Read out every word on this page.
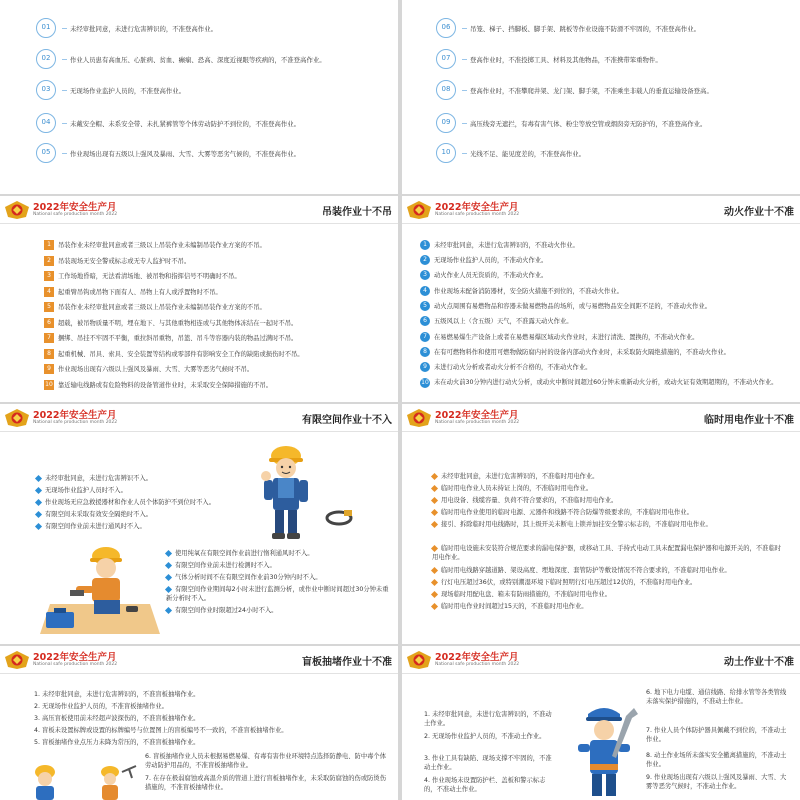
01	未经审批同意，未进行危害辨识的，不准登高作业。
02	作业人员患有高血压、心脏病、贫血、癫痫、恐高、深度近视眼等疾病的，不准登高作业。
03	无现场作业监护人员的，不准登高作业。
04	未戴安全帽、未系安全带、未扎紧裤管等个体劳动防护不到位的，不准登高作业。
05	作业现场出现有五级以上强风及暴雨、大雪、大雾等恶劣气候的，不准登高作业。
06	吊笼、梯子、挡脚板、脚手架、跳板等作业设施不防滑不牢固的，不准登高作业。
07	登高作业时，不准投掷工具、材料及其他物品，不准携带笨重物件。
08	登高作业时，不准攀爬井架、龙门架、脚手架，不准乘坐非载人的垂直运输设备登高。
09	高压线旁无遮拦，有毒有害气体、粉尘等放空管或烟囱旁无防护的，不准登高作业。
10	光线不足、能见度差的，不准登高作业。
2022年安全生产月
National safe production month 2022	吊装作业十不吊
1 吊装作业未经审批同意或者三级以上吊装作业未编制吊装作业方案的不吊。
2 吊装现场无安全警戒标志或无专人监护时不吊。
3 工作场地昏暗，无法看清场地、被吊物和指挥信号不明确时不吊。
4 起重臂吊钩或吊物下面有人、吊物上有人或浮置物时不吊。
5 吊装作业未经审批同意或者三级以上吊装作业未编制吊装作业方案的不吊。
6 超载，被吊物质量不明，埋在地下、与其他重物相连或与其他物体冻结在一起时不吊。
7 捆绑、吊挂不牢固不平衡，重拉斜吊重物，吊篮、吊斗等容器内装的物品过满时不吊。
8 起重机械、吊具、索具、安全装置等结构或零部件有影响安全工作的缺陷或损伤时不吊。
9 作业现场出现有六级以上强风及暴雨、大雪、大雾等恶劣气候时不吊。
10 靠近输电线路或有危险物料的设备管道作业时，未采取安全保障措施的不吊。
2022年安全生产月
National safe production month 2022	动火作业十不准
1 未经审批同意，未进行危害辨识的，不准动火作业。
2 无现场作业监护人员的，不准动火作业。
3 动火作业人员无资质的，不准动火作业。
4 作业现场未配备消防器材，安全防火措施不到位的，不准动火作业。
5 动火点周围有易燃物品和容器未做易燃物品的场所，或与易燃物品安全间距不足的，不准动火作业。
6 五级风以上（含五级）天气，不准露天动火作业。
7 在易燃易爆生产设备上或者在易燃易爆区域动火作业时，未进行清洗、置换的，不准动火作业。
8 在有可燃物料作和使用可燃物做防腐内衬的设备内部动火作业时，未采取防火隔绝措施的，不准动火作业。
9 未进行动火分析或者动火分析不合格的，不准动火作业。
10 未在动火前30分钟内进行动火分析，或动火中断时间超过60分钟未重新动火分析，或动火证有效期超期的，不准动火作业。
2022年安全生产月
National safe production month 2022	有限空间作业十不入
未经审批同意，未进行危害辨识不入。
无现场作业监护人员时不入。
作业现场无应急救援器材和作业人员个体防护不到位时不入。
有限空间未采取有效安全隔绝时不入。
有限空间作业前未进行通风时不入。
使用纯氧在有限空间作业前进行惰利通风时不入。
有限空间作业前未进行检测时不入。
气体分析时间不在有限空间作业前30分钟内时不入。
有限空间作业期间每2小时未进行监测分析，或作业中断时间超过30分钟未重新分析时不入。
有限空间作业时限超过24小时不入。
2022年安全生产月
National safe production month 2022	临时用电作业十不准
未经审批同意，未进行危害辨识的，不准临时用电作业。
临时用电作业人员未持证上岗的，不准临时用电作业。
用电设备、线缆容量、负荷不符合要求的，不准临时用电作业。
临时用电作业使用的临时电源、元器件和线路不符合防爆等级要求的，不准临时用电作业。
接引、拆除临时用电线路时，其上级开关未断电上锁并加挂安全警示标志的，不准临时用电作业。
临时用电设施未安装符合规范要求的漏电保护器，或移动工具、手持式电动工具未配置漏电保护器和电源开关的，不准临时用电作业。
临时用电线路穿越道路、架设高度、埋地深度、套管防护等敷设情况不符合要求的，不准临时用电作业。
行灯电压超过36伏，或特别潮湿环境下临时照明行灯电压超过12伏的，不准临时用电作业。
现场临时用配电盘、箱未有防雨措施的，不准临时用电作业。
临时用电作业时间超过15天的，不准临时用电作业。
2022年安全生产月
National safe production month 2022	盲板抽堵作业十不准
1. 未经审批同意，未进行危害辨识的，不准盲板抽堵作业。
2. 无现场作业监护人员的，不准盲板抽堵作业。
3. 高压盲板使用前未经超声波探伤的，不准盲板抽堵作业。
4. 盲板未设置标牌或设置的标牌编号与位置图上的盲板编号不一致的，不准盲板抽堵作业。
5. 盲板抽堵作业点压力未降为常压的，不准盲板抽堵作业。
6. 盲板抽堵作业人员未根据易燃易爆、有毒有害作业环境特点选择防静电、防中毒个体劳动防护用品的，不准盲板抽堵作业。
7. 在存在极弱腐蚀或高温介质的管道上进行盲板抽堵作业，未采取防腐蚀的伤或防烫伤措施的，不准盲板抽堵作业。
2022年安全生产月
National safe production month 2022	动土作业十不准
1. 未经审批同意，未进行危害辨识的，不准动土作业。
2. 无现场作业监护人员的，不准动土作业。
3. 作业工具有缺陷、现场支撑不牢固的，不准动土作业。
4. 作业现场未设置防护栏、盖板和警示标志的，不准动土作业。
6. 地下电力电缆、通信线路、给排水管等各类管线未落实保护措施的，不准动土作业。
7. 作业人员个体防护器具佩戴不到位的，不准动土作业。
8. 动土作业场所未落实安全撤离措施的，不准动土作业。
9. 作业现场出现有六级以上强风及暴雨、大雪、大雾等恶劣气候时，不准动土作业。
